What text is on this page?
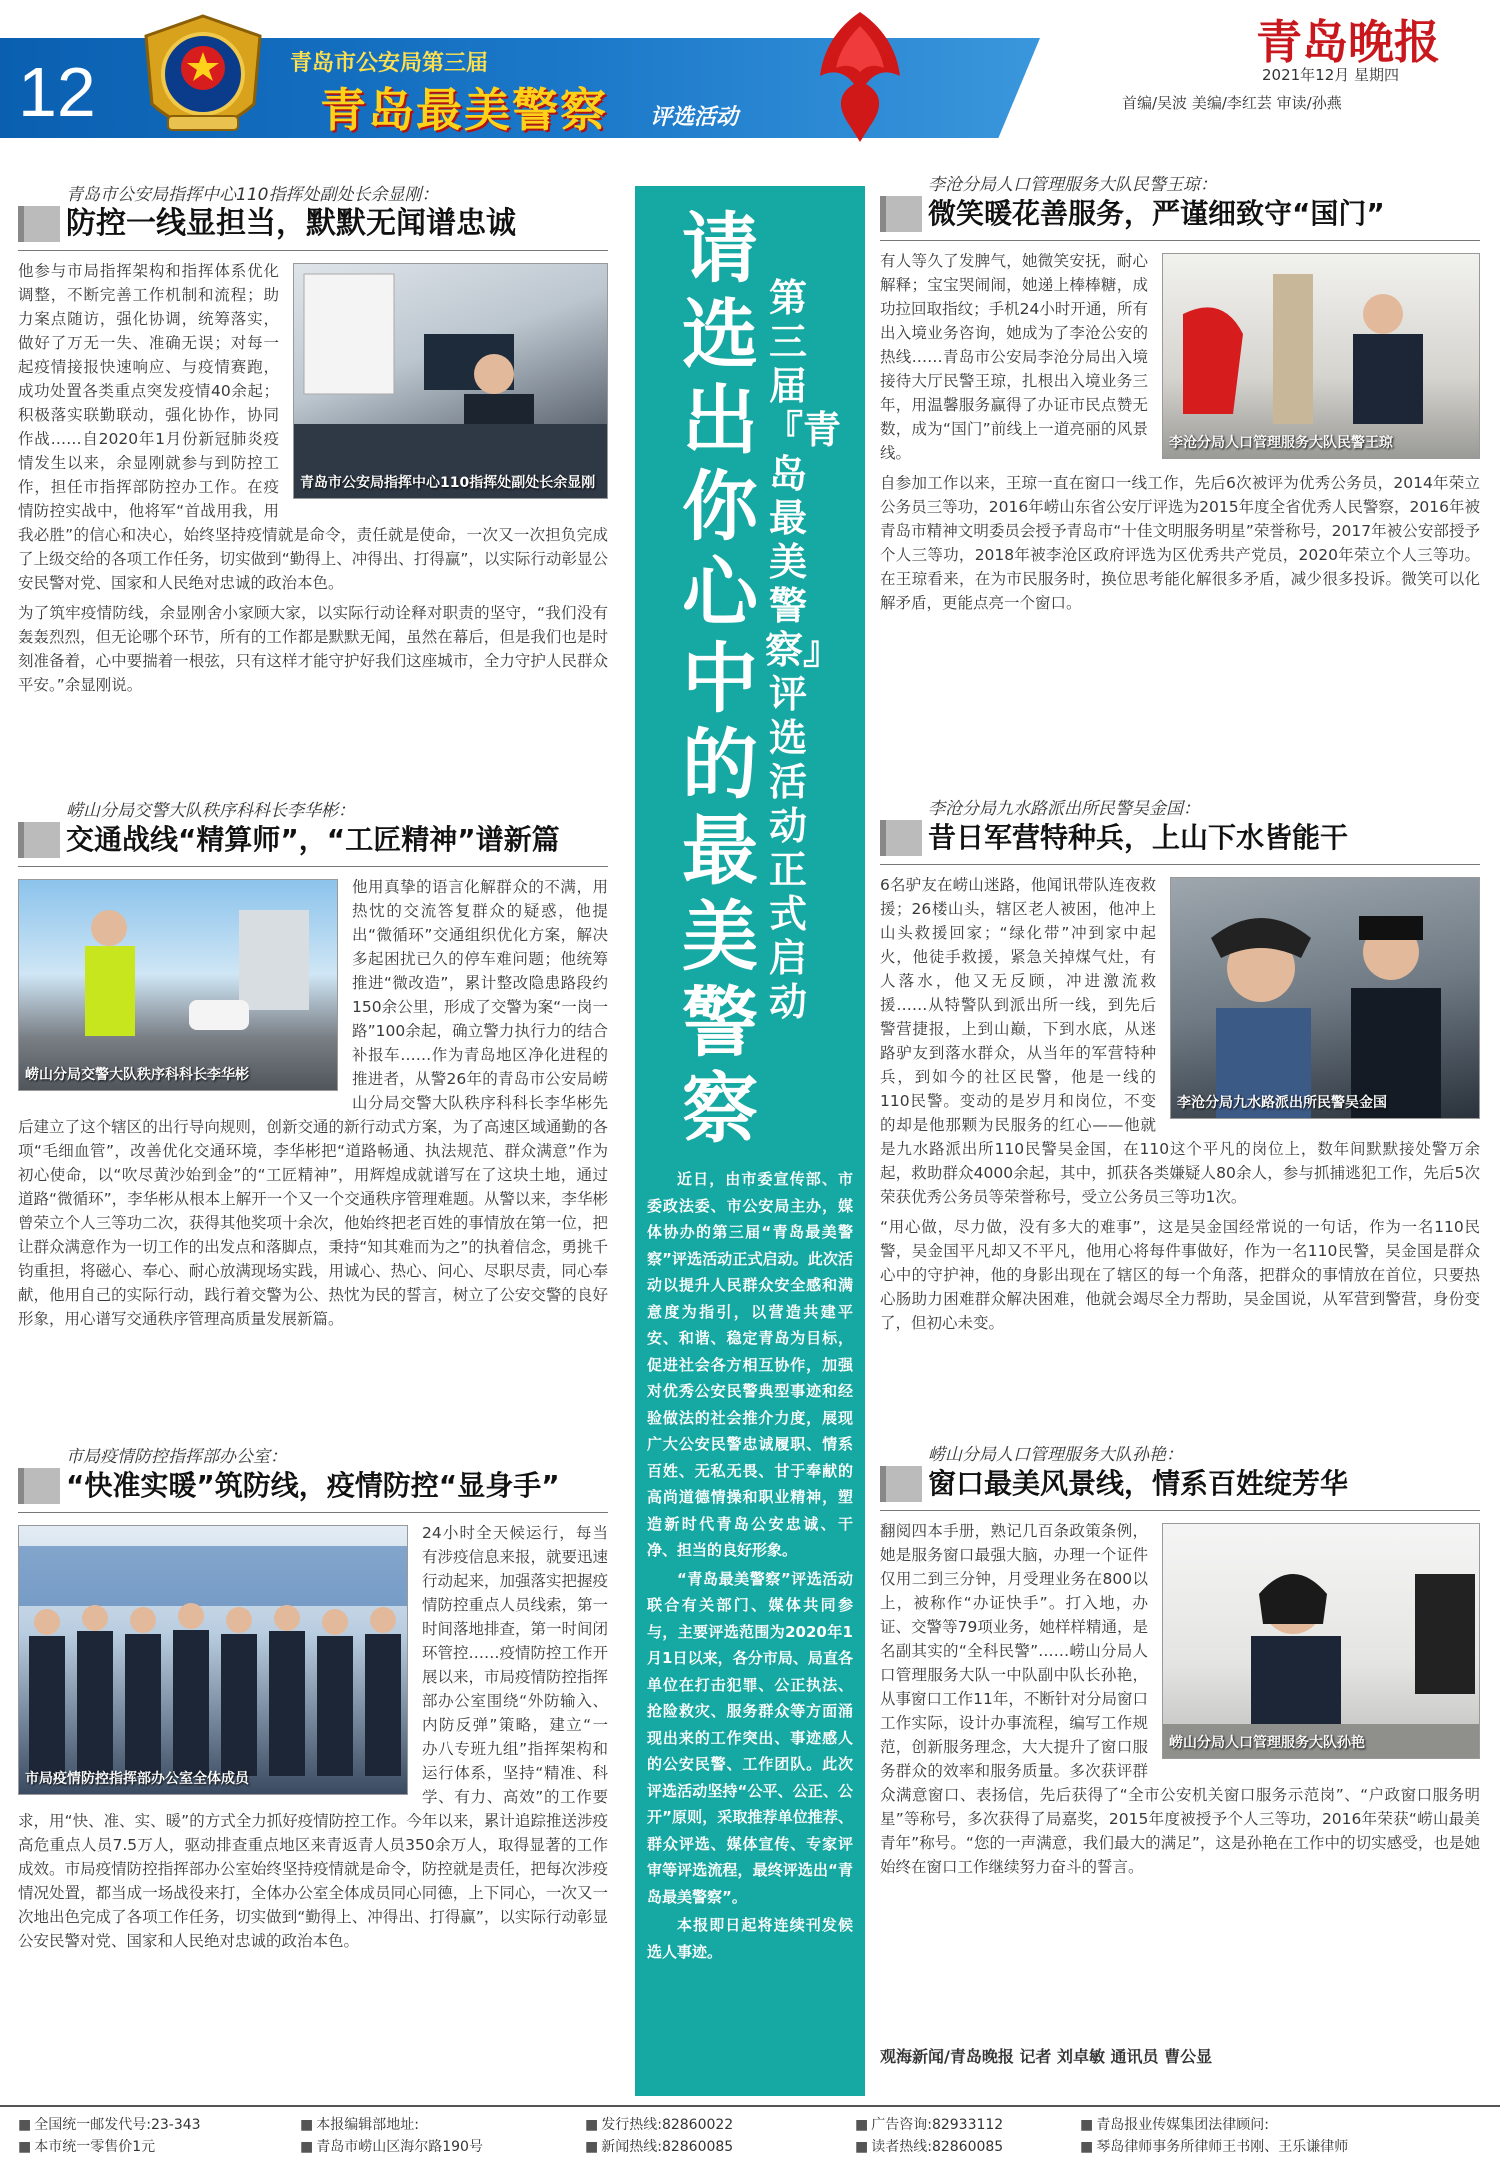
12	青岛市公安局第三届
青岛最美警察 评选活动
青岛晚报
2021年12月 星期四
首编/吴波 美编/李红芸 审读/孙燕
青岛市公安局指挥中心110指挥处副处长余显刚：
防控一线显担当，默默无闻谱忠诚
青岛市公安局指挥中心110指挥处副处长余显刚
他参与市局指挥架构和指挥体系优化调整，不断完善工作机制和流程；助力案点随访，强化协调，统筹落实，做好了万无一失、准确无误；对每一起疫情接报快速响应、与疫情赛跑，成功处置各类重点突发疫情40余起；积极落实联勤联动，强化协作，协同作战……自2020年1月份新冠肺炎疫情发生以来，余显刚就参与到防控工作，担任市指挥部防控办工作。在疫情防控实战中，他将军“首战用我，用我必胜”的信心和决心，始终坚持疫情就是命令，责任就是使命，一次又一次担负完成了上级交给的各项工作任务，切实做到“勤得上、冲得出、打得赢”，以实际行动彰显公安民警对党、国家和人民绝对忠诚的政治本色。
为了筑牢疫情防线，余显刚舍小家顾大家，以实际行动诠释对职责的坚守，“我们没有轰轰烈烈，但无论哪个环节，所有的工作都是默默无闻，虽然在幕后，但是我们也是时刻准备着，心中要揣着一根弦，只有这样才能守护好我们这座城市，全力守护人民群众平安。”余显刚说。
崂山分局交警大队秩序科科长李华彬：
交通战线“精算师”，“工匠精神”谱新篇
崂山分局交警大队秩序科科长李华彬
他用真挚的语言化解群众的不满，用热忱的交流答复群众的疑惑，他提出“微循环”交通组织优化方案，解决多起困扰已久的停车难问题；他统筹推进“微改造”，累计整改隐患路段约150余公里，形成了交警为案“一岗一路”100余起，确立警力执行力的结合补报车……作为青岛地区净化进程的推进者，从警26年的青岛市公安局崂山分局交警大队秩序科科长李华彬先后建立了这个辖区的出行导向规则，创新交通的新行动式方案，为了高速区域通勤的各项“毛细血管”，改善优化交通环境，李华彬把“道路畅通、执法规范、群众满意”作为初心使命，以“吹尽黄沙始到金”的“工匠精神”，用辉煌成就谱写在了这块土地，通过道路“微循环”，李华彬从根本上解开一个又一个交通秩序管理难题。从警以来，李华彬曾荣立个人三等功二次，获得其他奖项十余次，他始终把老百姓的事情放在第一位，把让群众满意作为一切工作的出发点和落脚点，秉持“知其难而为之”的执着信念，勇挑千钧重担，将磁心、奉心、耐心放满现场实践，用诚心、热心、问心、尽职尽责，同心奉献，他用自己的实际行动，践行着交警为公、热忱为民的誓言，树立了公安交警的良好形象，用心谱写交通秩序管理高质量发展新篇。
市局疫情防控指挥部办公室：
“快准实暖”筑防线，疫情防控“显身手”
市局疫情防控指挥部办公室全体成员
24小时全天候运行，每当有涉疫信息来报，就要迅速行动起来，加强落实把握疫情防控重点人员线索，第一时间落地排查，第一时间闭环管控……疫情防控工作开展以来，市局疫情防控指挥部办公室围绕“外防输入、内防反弹”策略，建立“一办八专班九组”指挥架构和运行体系，坚持“精准、科学、有力、高效”的工作要求，用“快、准、实、暖”的方式全力抓好疫情防控工作。今年以来，累计追踪推送涉疫高危重点人员7.5万人，驱动排查重点地区来青返青人员350余万人，取得显著的工作成效。市局疫情防控指挥部办公室始终坚持疫情就是命令，防控就是责任，把每次涉疫情况处置，都当成一场战役来打，全体办公室全体成员同心同德，上下同心，一次又一次地出色完成了各项工作任务，切实做到“勤得上、冲得出、打得赢”，以实际行动彰显公安民警对党、国家和人民绝对忠诚的政治本色。
请选出你心中的最美警察
第三届『青岛最美警察』评选活动正式启动

近日，由市委宣传部、市委政法委、市公安局主办，媒体协办的第三届“青岛最美警察”评选活动正式启动。此次活动以提升人民群众安全感和满意度为指引，以营造共建平安、和谐、稳定青岛为目标，促进社会各方相互协作，加强对优秀公安民警典型事迹和经验做法的社会推介力度，展现广大公安民警忠诚履职、情系百姓、无私无畏、甘于奉献的高尚道德情操和职业精神，塑造新时代青岛公安忠诚、干净、担当的良好形象。

“青岛最美警察”评选活动联合有关部门、媒体共同参与，主要评选范围为2020年1月1日以来，各分市局、局直各单位在打击犯罪、公正执法、抢险救灾、服务群众等方面涌现出来的工作突出、事迹感人的公安民警、工作团队。此次评选活动坚持“公平、公正、公开”原则，采取推荐单位推荐、群众评选、媒体宣传、专家评审等评选流程，最终评选出“青岛最美警察”。

本报即日起将连续刊发候选人事迹。

李沧分局人口管理服务大队民警王琼：
微笑暖花善服务，严谨细致守“国门”
李沧分局人口管理服务大队民警王琼
有人等久了发脾气，她微笑安抚，耐心解释；宝宝哭闹闹，她递上棒棒糖，成功拉回取指纹；手机24小时开通，所有出入境业务咨询，她成为了李沧公安的热线……青岛市公安局李沧分局出入境接待大厅民警王琼，扎根出入境业务三年，用温馨服务赢得了办证市民点赞无数，成为“国门”前线上一道亮丽的风景线。
自参加工作以来，王琼一直在窗口一线工作，先后6次被评为优秀公务员，2014年荣立公务员三等功，2016年崂山东省公安厅评选为2015年度全省优秀人民警察，2016年被青岛市精神文明委员会授予青岛市“十佳文明服务明星”荣誉称号，2017年被公安部授予个人三等功，2018年被李沧区政府评选为区优秀共产党员，2020年荣立个人三等功。在王琼看来，在为市民服务时，换位思考能化解很多矛盾，减少很多投诉。微笑可以化解矛盾，更能点亮一个窗口。
李沧分局九水路派出所民警吴金国：
昔日军营特种兵，上山下水皆能干
李沧分局九水路派出所民警吴金国
6名驴友在崂山迷路，他闻讯带队连夜救援；26楼山头，辖区老人被困，他冲上山头救援回家；“绿化带”冲到家中起火，他徒手救援，紧急关掉煤气灶，有人落水，他又无反顾，冲进激流救援……从特警队到派出所一线，到先后警营捷报，上到山巅，下到水底，从迷路驴友到落水群众，从当年的军营特种兵，到如今的社区民警，他是一线的110民警。变动的是岁月和岗位，不变的却是他那颗为民服务的红心——他就是九水路派出所110民警吴金国，在110这个平凡的岗位上，数年间默默接处警万余起，救助群众4000余起，其中，抓获各类嫌疑人80余人，参与抓捕逃犯工作，先后5次荣获优秀公务员等荣誉称号，受立公务员三等功1次。
“用心做，尽力做，没有多大的难事”，这是吴金国经常说的一句话，作为一名110民警，吴金国平凡却又不平凡，他用心将每件事做好，作为一名110民警，吴金国是群众心中的守护神，他的身影出现在了辖区的每一个角落，把群众的事情放在首位，只要热心肠助力困难群众解决困难，他就会竭尽全力帮助，吴金国说，从军营到警营，身份变了，但初心未变。
崂山分局人口管理服务大队孙艳：
窗口最美风景线，情系百姓绽芳华
崂山分局人口管理服务大队孙艳
翻阅四本手册，熟记几百条政策条例，她是服务窗口最强大脑，办理一个证件仅用二到三分钟，月受理业务在800以上，被称作“办证快手”。打入地，办证、交警等79项业务，她样样精通，是名副其实的“全科民警”……崂山分局人口管理服务大队一中队副中队长孙艳，从事窗口工作11年，不断针对分局窗口工作实际，设计办事流程，编写工作规范，创新服务理念，大大提升了窗口服务群众的效率和服务质量。多次获评群众满意窗口、表扬信，先后获得了“全市公安机关窗口服务示范岗”、“户政窗口服务明星”等称号，多次获得了局嘉奖，2015年度被授予个人三等功，2016年荣获“崂山最美青年”称号。“您的一声满意，我们最大的满足”，这是孙艳在工作中的切实感受，也是她始终在窗口工作继续努力奋斗的誓言。
观海新闻/青岛晚报 记者 刘卓敏 通讯员 曹公显
■ 全国统一邮发代号:23-343
■ 本市统一零售价1元
■ 本报编辑部地址:
■ 青岛市崂山区海尔路190号
■ 发行热线:82860022
■ 新闻热线:82860085
■ 广告咨询:82933112
■ 读者热线:82860085
■ 青岛报业传媒集团法律顾问:
■ 琴岛律师事务所律师王书刚、王乐谦律师
